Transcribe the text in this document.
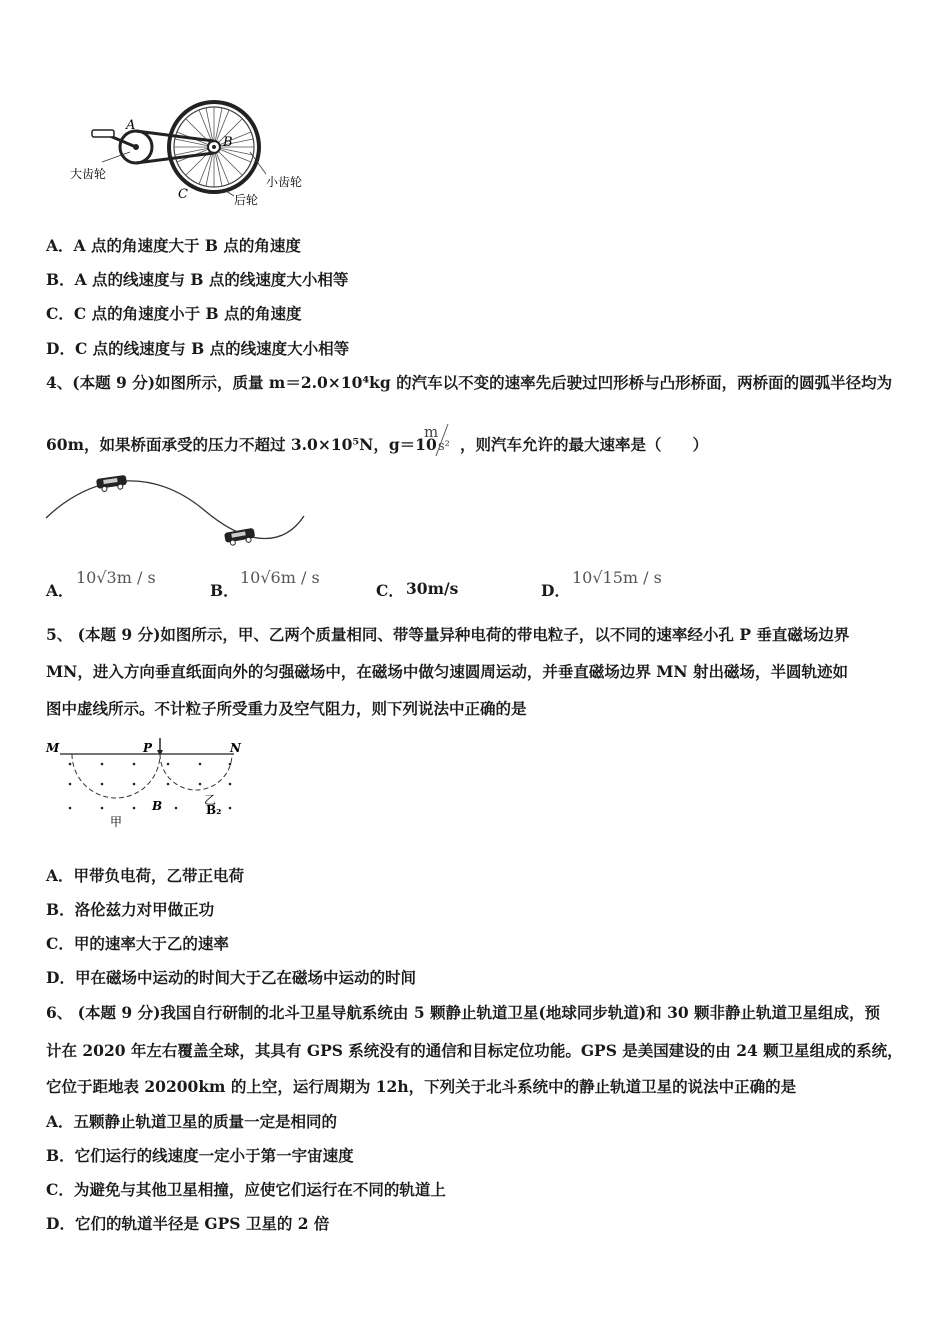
A
B
C
大齿轮
小齿轮
后轮
A．A 点的角速度大于 B 点的角速度
B．A 点的线速度与 B 点的线速度大小相等
C．C 点的角速度小于 B 点的角速度
D．C 点的线速度与 B 点的线速度大小相等
4、(本题 9 分)如图所示，质量 m＝2.0×10⁴kg 的汽车以不变的速率先后驶过凹形桥与凸形桥面，两桥面的圆弧半径均为
60m，如果桥面承受的压力不超过 3.0×10⁵N，g＝10
m
s² ，则汽车允许的最大速率是（　　）
A．
10√3m / s
B．
10√6m / s
C． 30m/s	D．
10√15m / s
5、 (本题 9 分)如图所示，甲、乙两个质量相同、带等量异种电荷的带电粒子，以不同的速率经小孔 P 垂直磁场边界
MN，进入方向垂直纸面向外的匀强磁场中，在磁场中做匀速圆周运动，并垂直磁场边界 MN 射出磁场，半圆轨迹如
图中虚线所示。不计粒子所受重力及空气阻力，则下列说法中正确的是
M	P	N
B
甲
乙
B₂
A．甲带负电荷，乙带正电荷
B．洛伦兹力对甲做正功
C．甲的速率大于乙的速率
D．甲在磁场中运动的时间大于乙在磁场中运动的时间
6、 (本题 9 分)我国自行研制的北斗卫星导航系统由 5 颗静止轨道卫星(地球同步轨道)和 30 颗非静止轨道卫星组成，预
计在 2020 年左右覆盖全球，其具有 GPS 系统没有的通信和目标定位功能。GPS 是美国建设的由 24 颗卫星组成的系统，
它位于距地表 20200km 的上空，运行周期为 12h，下列关于北斗系统中的静止轨道卫星的说法中正确的是
A．五颗静止轨道卫星的质量一定是相同的
B．它们运行的线速度一定小于第一宇宙速度
C．为避免与其他卫星相撞，应使它们运行在不同的轨道上
D．它们的轨道半径是 GPS 卫星的 2 倍
